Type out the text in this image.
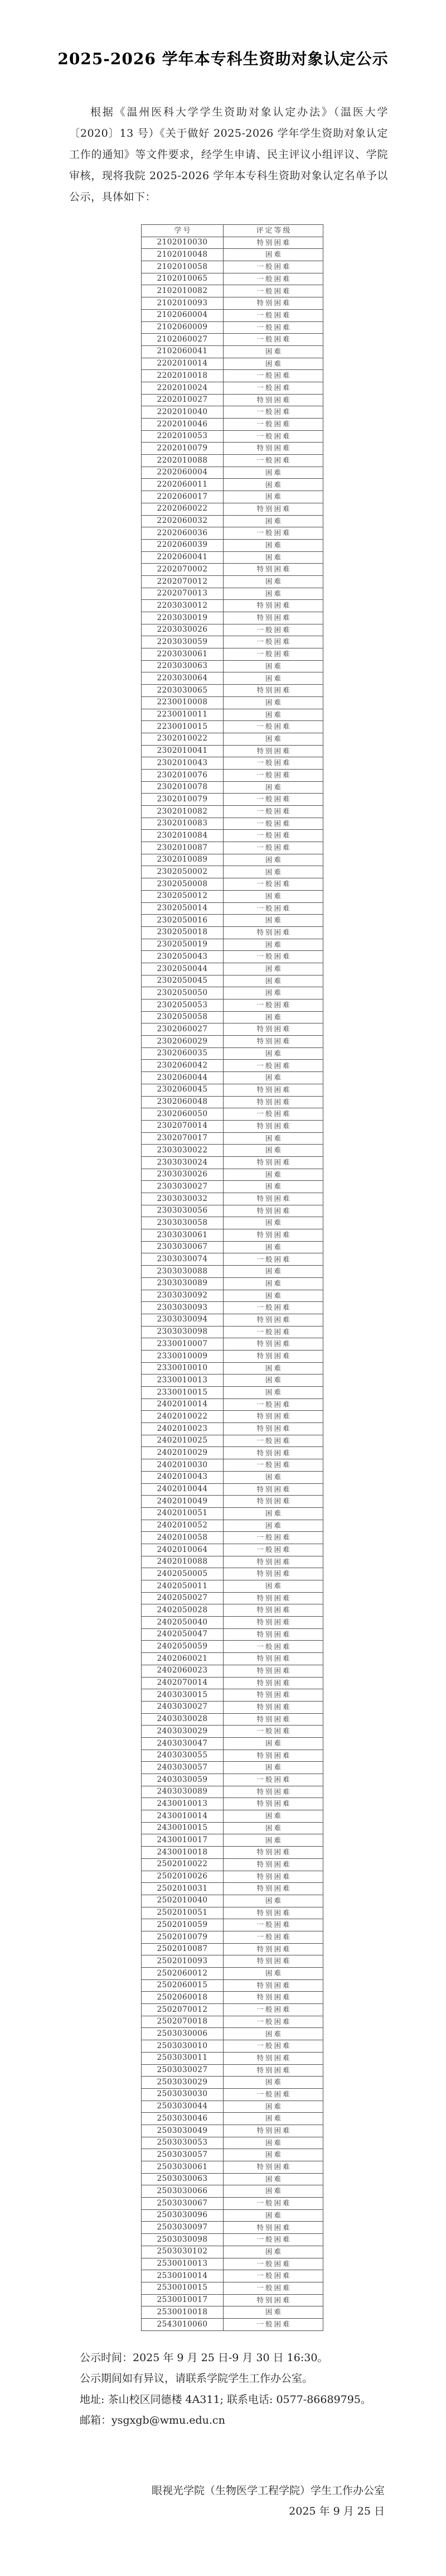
2025-2026 学年本专科生资助对象认定公示

根据《温州医科大学学生资助对象认定办法》（温医大学〔2020〕13 号）《关于做好 2025-2026 学年学生资助对象认定工作的通知》等文件要求，经学生申请、民主评议小组评议、学院审核，现将我院 2025-2026 学年本专科生资助对象认定名单予以公示，具体如下：

学号	评定等级
2102010030	特别困难
2102010048	困难
2102010058	一般困难
2102010065	一般困难
2102010082	一般困难
2102010093	特别困难
2102060004	一般困难
2102060009	一般困难
2102060027	一般困难
2102060041	困难
2202010014	困难
2202010018	一般困难
2202010024	一般困难
2202010027	特别困难
2202010040	一般困难
2202010046	一般困难
2202010053	一般困难
2202010079	特别困难
2202010088	一般困难
2202060004	困难
2202060011	困难
2202060017	困难
2202060022	特别困难
2202060032	困难
2202060036	一般困难
2202060039	困难
2202060041	困难
2202070002	特别困难
2202070012	困难
2202070013	困难
2203030012	特别困难
2203030019	特别困难
2203030026	一般困难
2203030059	一般困难
2203030061	一般困难
2203030063	困难
2203030064	困难
2203030065	特别困难
2230010008	困难
2230010011	困难
2230010015	一般困难
2302010022	困难
2302010041	特别困难
2302010043	一般困难
2302010076	一般困难
2302010078	困难
2302010079	一般困难
2302010082	一般困难
2302010083	一般困难
2302010084	一般困难
2302010087	一般困难
2302010089	困难
2302050002	困难
2302050008	一般困难
2302050012	困难
2302050014	一般困难
2302050016	困难
2302050018	特别困难
2302050019	困难
2302050043	一般困难
2302050044	困难
2302050045	困难
2302050050	困难
2302050053	一般困难
2302050058	困难
2302060027	特别困难
2302060029	特别困难
2302060035	困难
2302060042	一般困难
2302060044	困难
2302060045	特别困难
2302060048	特别困难
2302060050	一般困难
2302070014	特别困难
2302070017	困难
2303030022	困难
2303030024	特别困难
2303030026	困难
2303030027	困难
2303030032	特别困难
2303030056	特别困难
2303030058	困难
2303030061	特别困难
2303030067	困难
2303030074	一般困难
2303030088	困难
2303030089	困难
2303030092	困难
2303030093	一般困难
2303030094	特别困难
2303030098	一般困难
2330010007	特别困难
2330010009	特别困难
2330010010	困难
2330010013	困难
2330010015	困难
2402010014	一般困难
2402010022	特别困难
2402010023	特别困难
2402010025	一般困难
2402010029	特别困难
2402010030	一般困难
2402010043	困难
2402010044	特别困难
2402010049	特别困难
2402010051	困难
2402010052	困难
2402010058	一般困难
2402010064	一般困难
2402010088	特别困难
2402050005	特别困难
2402050011	困难
2402050027	特别困难
2402050028	特别困难
2402050040	特别困难
2402050047	特别困难
2402050059	一般困难
2402060021	特别困难
2402060023	特别困难
2402070014	特别困难
2403030015	特别困难
2403030027	特别困难
2403030028	特别困难
2403030029	一般困难
2403030047	困难
2403030055	特别困难
2403030057	困难
2403030059	一般困难
2403030089	特别困难
2430010013	特别困难
2430010014	困难
2430010015	困难
2430010017	困难
2430010018	特别困难
2502010022	特别困难
2502010026	特别困难
2502010031	特别困难
2502010040	困难
2502010051	特别困难
2502010059	一般困难
2502010079	一般困难
2502010087	特别困难
2502010093	特别困难
2502060012	困难
2502060015	特别困难
2502060018	特别困难
2502070012	一般困难
2502070018	一般困难
2503030006	困难
2503030010	一般困难
2503030011	特别困难
2503030027	特别困难
2503030029	困难
2503030030	一般困难
2503030044	困难
2503030046	困难
2503030049	特别困难
2503030053	困难
2503030057	困难
2503030061	特别困难
2503030063	困难
2503030066	困难
2503030067	一般困难
2503030096	困难
2503030097	特别困难
2503030098	一般困难
2503030102	困难
2530010013	一般困难
2530010014	一般困难
2530010015	一般困难
2530010017	特别困难
2530010018	困难
2543010060	一般困难

公示时间：2025 年 9 月 25 日-9 月 30 日 16:30。

公示期间如有异议，请联系学院学生工作办公室。

地址: 茶山校区同德楼 4A311; 联系电话: 0577-86689795。

邮箱：ysgxgb@wmu.edu.cn

眼视光学院（生物医学工程学院）学生工作办公室

2025 年 9 月 25 日
